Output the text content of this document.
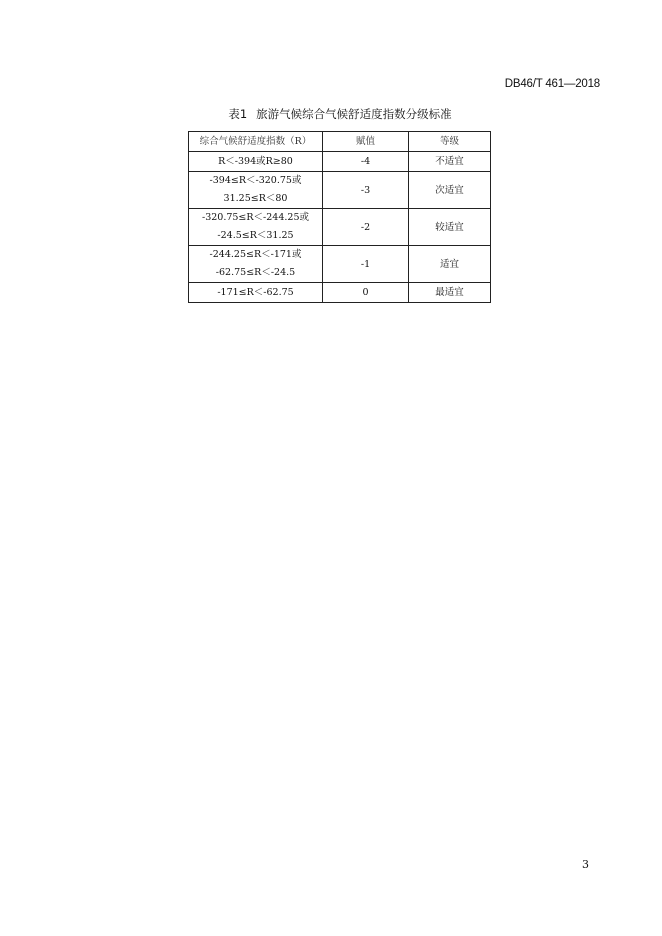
DB46/T 461—2018
表1 旅游气候综合气候舒适度指数分级标准
综合气候舒适度指数（R）	赋值	等级

R＜-394或R≥80	-4	不适宜

-394≤R＜-320.75或
31.25≤R＜80	-3	次适宜

-320.75≤R＜-244.25或
-24.5≤R＜31.25	-2	较适宜

-244.25≤R＜-171或
-62.75≤R＜-24.5	-1	适宜

-171≤R＜-62.75	0	最适宜
3
